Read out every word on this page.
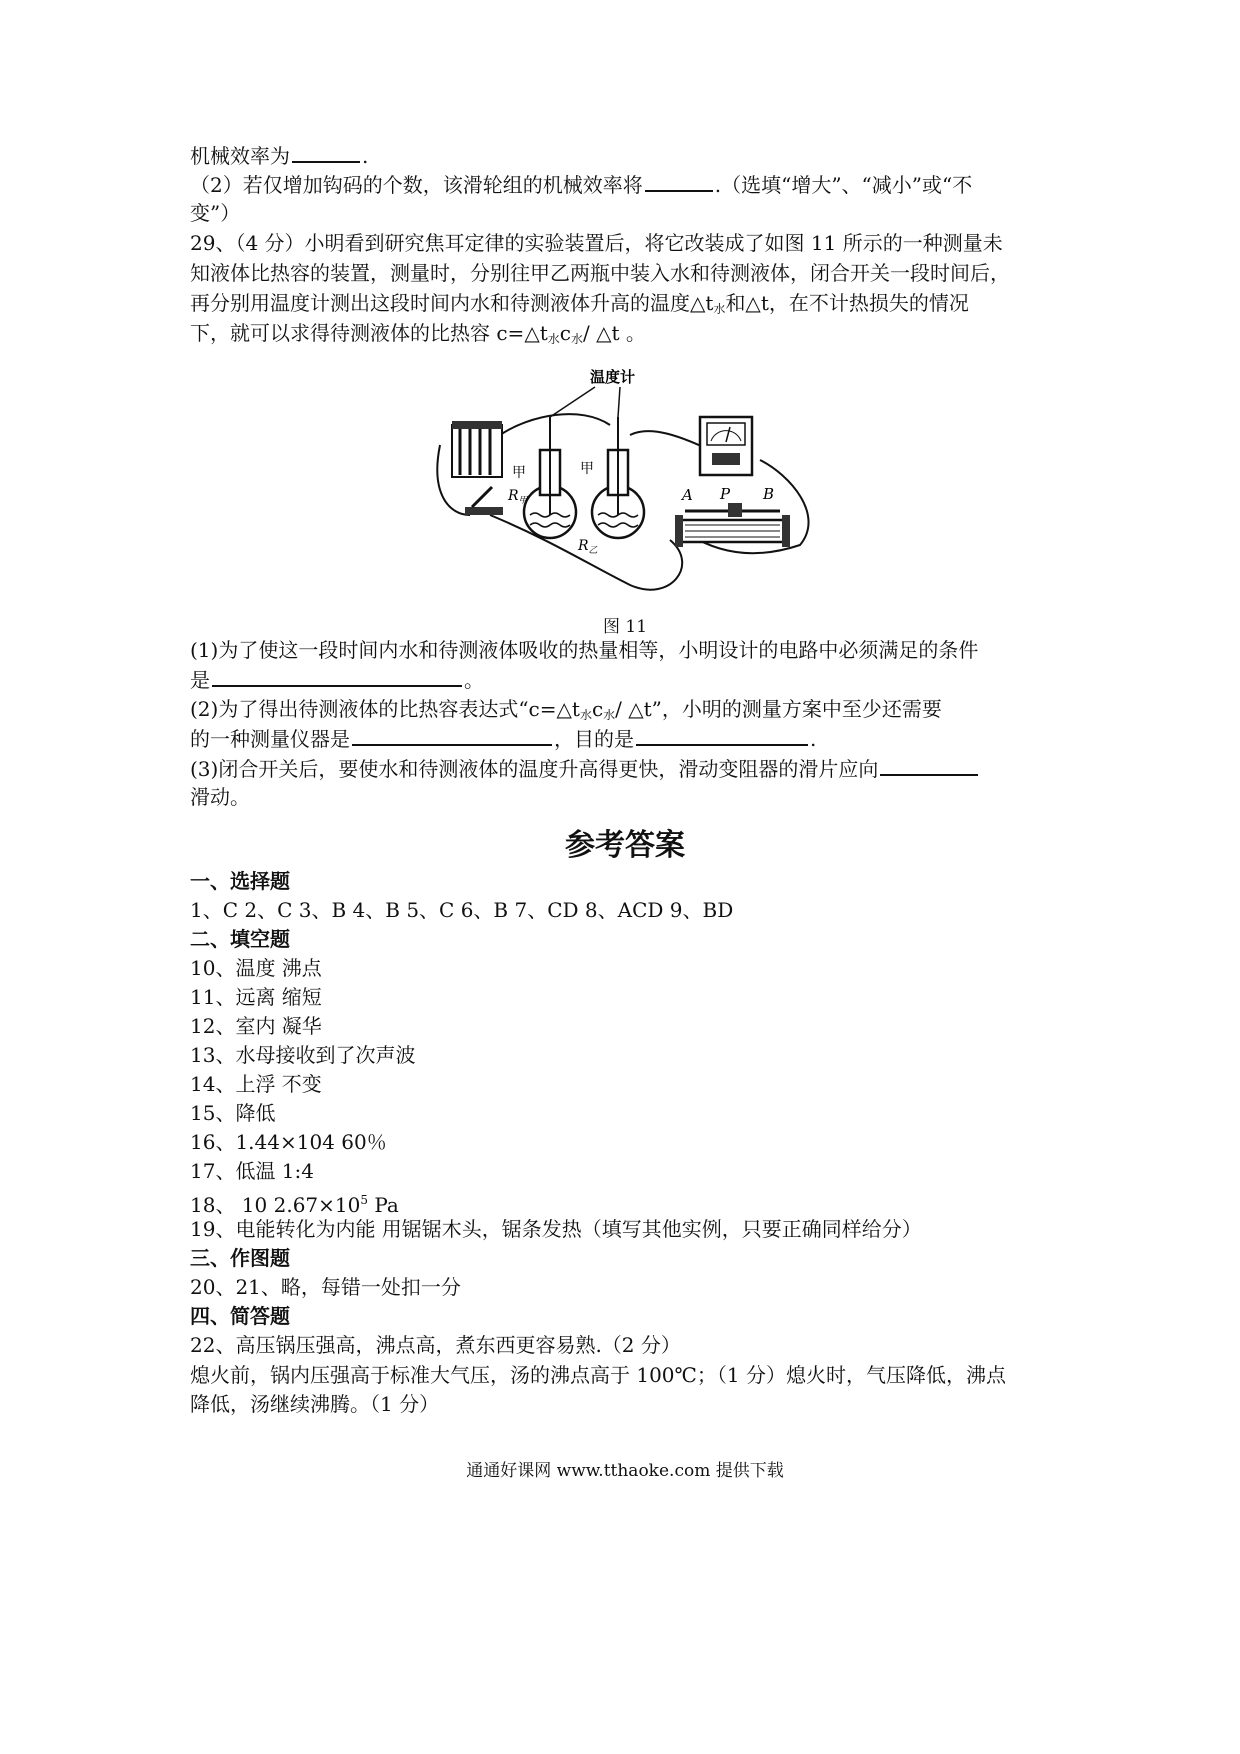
机械效率为	.
（2）若仅增加钩码的个数，该滑轮组的机械效率将	.（选填“增大”、“减小”或“不
变”）
29、（4 分）小明看到研究焦耳定律的实验装置后，将它改装成了如图 11 所示的一种测量未
知液体比热容的装置，测量时，分别往甲乙两瓶中装入水和待测液体，闭合开关一段时间后，
再分别用温度计测出这段时间内水和待测液体升高的温度$\triangle t_水$和△t，在不计热损失的情况
下，就可以求得待测液体的比热容 $c=\triangle t_水c_水/$ △t 。
温度计
甲	甲
$R_甲$
$R_乙$
A P B
图 11
(1)为了使这一段时间内水和待测液体吸收的热量相等，小明设计的电路中必须满足的条件
是	。
(2)为了得出待测液体的比热容表达式“$c=\triangle t_水c_水/$ △t”，小明的测量方案中至少还需要
的一种测量仪器是	，目的是	.
(3)闭合开关后，要使水和待测液体的温度升高得更快，滑动变阻器的滑片应向
滑动。
参考答案
一、选择题
1、C 2、C 3、B 4、B 5、C 6、B 7、CD 8、ACD 9、BD
二、填空题
10、温度 沸点
11、远离 缩短
12、室内 凝华
13、水母接收到了次声波
14、上浮 不变
15、降低
16、1.44×104 60％
17、低温 1:4
18、 10 $2.67\times 10^5$ Pa
19、电能转化为内能 用锯锯木头，锯条发热（填写其他实例，只要正确同样给分）
三、作图题
20、21、略，每错一处扣一分
四、简答题
22、高压锅压强高，沸点高，煮东西更容易熟.（2 分）
熄火前，锅内压强高于标准大气压，汤的沸点高于 100℃；（1 分）熄火时，气压降低，沸点
降低，汤继续沸腾。（1 分）
通通好课网 www.tthaoke.com 提供下载
